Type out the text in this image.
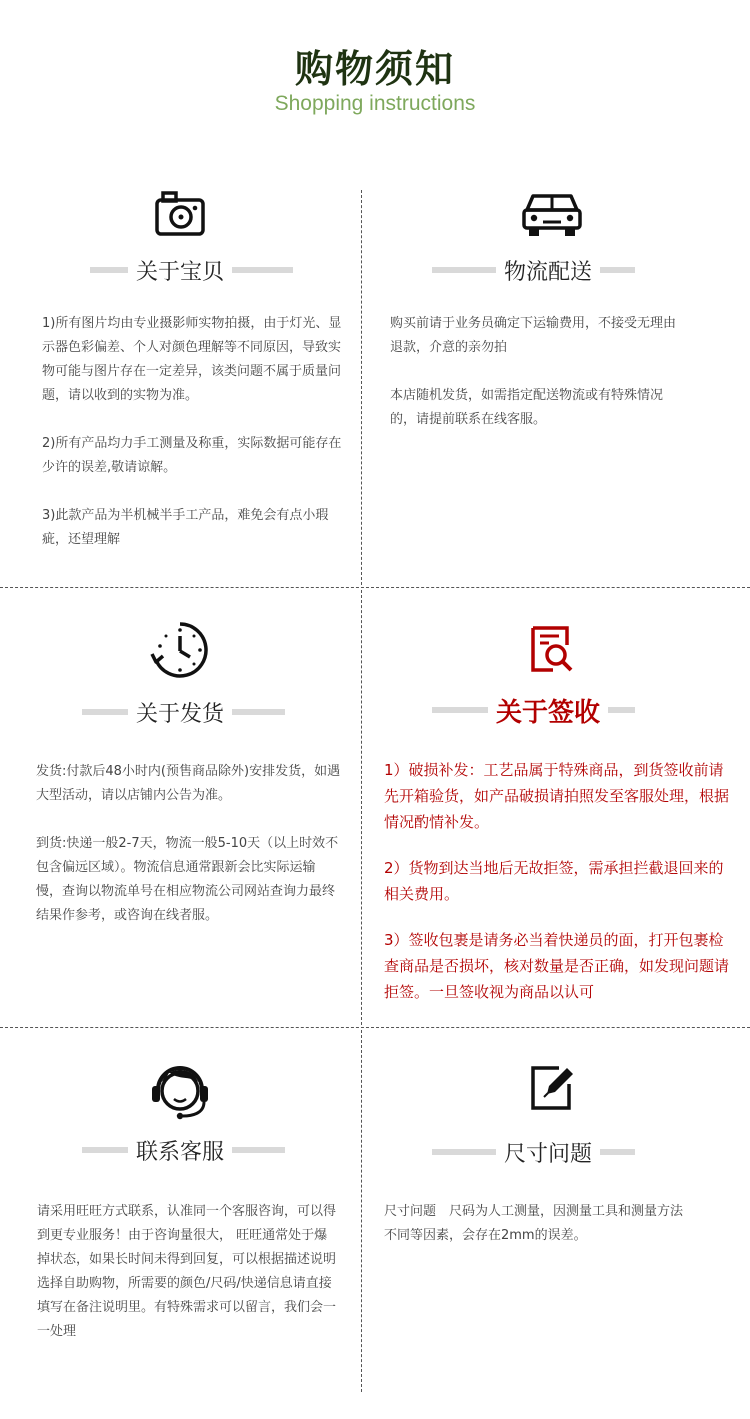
购物须知
Shopping instructions
关于宝贝

1)所有图片均由专业摄影师实物拍摄，由于灯光、显示器色彩偏差、个人对颜色理解等不同原因，导致实物可能与图片存在一定差异，该类问题不属于质量问题，请以收到的实物为准。

2)所有产品均力手工测量及称重，实际数据可能存在少许的误差,敬请谅解。

3)此款产品为半机械半手工产品，难免会有点小瑕疵，还望理解

物流配送

购买前请于业务员确定下运输费用，不接受无理由退款，介意的亲勿拍

本店随机发货，如需指定配送物流或有特殊情况的，请提前联系在线客服。

关于发货

发货:付款后48小时内(预售商品除外)安排发货，如遇大型活动，请以店铺内公告为准。

到货:快递一般2-7天，物流一般5-10天（以上时效不包含偏远区域）。物流信息通常跟新会比实际运输慢，查询以物流单号在相应物流公司网站查询力最终结果作参考，或咨询在线者服。

关于签收

1）破损补发：工艺品属于特殊商品，到货签收前请先开箱验货，如产品破损请拍照发至客服处理，根据情况酌情补发。

2）货物到达当地后无故拒签，需承担拦截退回来的相关费用。

3）签收包裹是请务必当着快递员的面，打开包裹检查商品是否损坏，核对数量是否正确，如发现问题请拒签。一旦签收视为商品以认可

联系客服

请采用旺旺方式联系，认准同一个客服咨询，可以得到更专业服务！由于咨询量很大， 旺旺通常处于爆掉状态，如果长时间未得到回复，可以根据描述说明选择自助购物，所需要的颜色/尺码/快递信息请直接填写在备注说明里。有特殊需求可以留言，我们会一一处理

尺寸问题

尺寸问题　尺码为人工测量，因测量工具和测量方法不同等因素，会存在2mm的误差。
